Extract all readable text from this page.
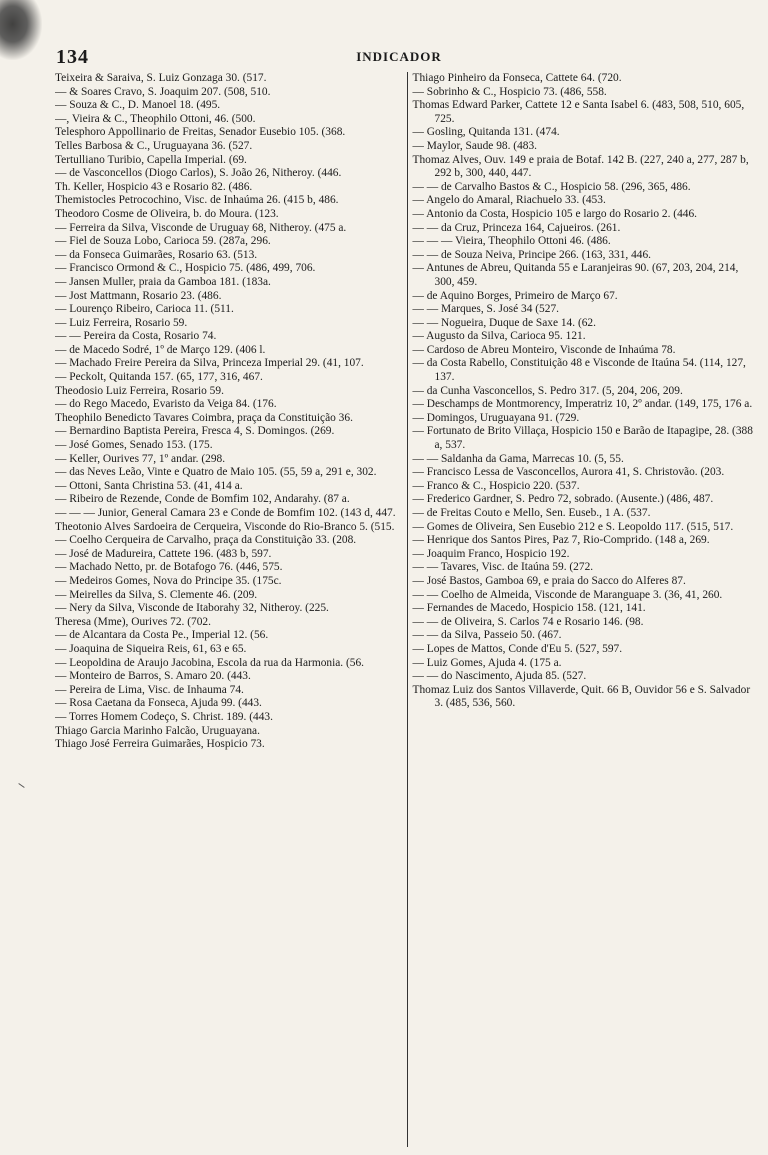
134	INDICADOR
Teixeira & Saraiva, S. Luiz Gonzaga 30. (517.
— & Soares Cravo, S. Joaquim 207. (508, 510.
— Souza & C., D. Manoel 18. (495.
—, Vieira & C., Theophilo Ottoni, 46. (500.
Telesphoro Appollinario de Freitas, Senador Eusebio 105. (368.
Telles Barbosa & C., Uruguayana 36. (527.
Tertulliano Turibio, Capella Imperial. (69.
— de Vasconcellos (Diogo Carlos), S. João 26, Nitheroy. (446.
Th. Keller, Hospicio 43 e Rosario 82. (486.
Themistocles Petrocochino, Visc. de Inhaúma 26. (415 b, 486.
Theodoro Cosme de Oliveira, b. do Moura. (123.
— Ferreira da Silva, Visconde de Uruguay 68, Nitheroy. (475 a.
— Fiel de Souza Lobo, Carioca 59. (287a, 296.
— da Fonseca Guimarães, Rosario 63. (513.
— Francisco Ormond & C., Hospicio 75. (486, 499, 706.
— Jansen Muller, praia da Gamboa 181. (183a.
— Jost Mattmann, Rosario 23. (486.
— Lourenço Ribeiro, Carioca 11. (511.
— Luiz Ferreira, Rosario 59.
— — Pereira da Costa, Rosario 74.
— de Macedo Sodré, 1º de Março 129. (406 l.
— Machado Freire Pereira da Silva, Princeza Imperial 29. (41, 107.
— Peckolt, Quitanda 157. (65, 177, 316, 467.
Theodosio Luiz Ferreira, Rosario 59.
— do Rego Macedo, Evaristo da Veiga 84. (176.
Theophilo Benedicto Tavares Coimbra, praça da Constituição 36.
— Bernardino Baptista Pereira, Fresca 4, S. Domingos. (269.
— José Gomes, Senado 153. (175.
— Keller, Ourives 77, 1º andar. (298.
— das Neves Leão, Vinte e Quatro de Maio 105. (55, 59 a, 291 e, 302.
— Ottoni, Santa Christina 53. (41, 414 a.
— Ribeiro de Rezende, Conde de Bomfim 102, Andarahy. (87 a.
— — — Junior, General Camara 23 e Conde de Bomfim 102. (143 d, 447.
Theotonio Alves Sardoeira de Cerqueira, Visconde do Rio-Branco 5. (515.
— Coelho Cerqueira de Carvalho, praça da Constituição 33. (208.
— José de Madureira, Cattete 196. (483 b, 597.
— Machado Netto, pr. de Botafogo 76. (446, 575.
— Medeiros Gomes, Nova do Principe 35. (175c.
— Meirelles da Silva, S. Clemente 46. (209.
— Nery da Silva, Visconde de Itaborahy 32, Nitheroy. (225.
Theresa (Mme), Ourives 72. (702.
— de Alcantara da Costa Pe., Imperial 12. (56.
— Joaquina de Siqueira Reis, 61, 63 e 65.
— Leopoldina de Araujo Jacobina, Escola da rua da Harmonia. (56.
— Monteiro de Barros, S. Amaro 20. (443.
— Pereira de Lima, Visc. de Inhauma 74.
— Rosa Caetana da Fonseca, Ajuda 99. (443.
— Torres Homem Codeço, S. Christ. 189. (443.
Thiago Garcia Marinho Falcão, Uruguayana.
Thiago José Ferreira Guimarães, Hospicio 73.
Thiago Pinheiro da Fonseca, Cattete 64. (720.
— Sobrinho & C., Hospicio 73. (486, 558.
Thomas Edward Parker, Cattete 12 e Santa Isabel 6. (483, 508, 510, 605, 725.
— Gosling, Quitanda 131. (474.
— Maylor, Saude 98. (483.
Thomaz Alves, Ouv. 149 e praia de Botaf. 142 B. (227, 240 a, 277, 287 b, 292 b, 300, 440, 447.
— — de Carvalho Bastos & C., Hospicio 58. (296, 365, 486.
— Angelo do Amaral, Riachuelo 33. (453.
— Antonio da Costa, Hospicio 105 e largo do Rosario 2. (446.
— — da Cruz, Princeza 164, Cajueiros. (261.
— — — Vieira, Theophilo Ottoni 46. (486.
— — de Souza Neiva, Principe 266. (163, 331, 446.
— Antunes de Abreu, Quitanda 55 e Laranjeiras 90. (67, 203, 204, 214, 300, 459.
— de Aquino Borges, Primeiro de Março 67.
— — Marques, S. José 34 (527.
— — Nogueira, Duque de Saxe 14. (62.
— Augusto da Silva, Carioca 95. 121.
— Cardoso de Abreu Monteiro, Visconde de Inhaúma 78.
— da Costa Rabello, Constituição 48 e Visconde de Itaúna 54. (114, 127, 137.
— da Cunha Vasconcellos, S. Pedro 317. (5, 204, 206, 209.
— Deschamps de Montmorency, Imperatriz 10, 2º andar. (149, 175, 176 a.
— Domingos, Uruguayana 91. (729.
— Fortunato de Brito Villaça, Hospicio 150 e Barão de Itapagipe, 28. (388 a, 537.
— — Saldanha da Gama, Marrecas 10. (5, 55.
— Francisco Lessa de Vasconcellos, Aurora 41, S. Christovão. (203.
— Franco & C., Hospicio 220. (537.
— Frederico Gardner, S. Pedro 72, sobrado. (Ausente.) (486, 487.
— de Freitas Couto e Mello, Sen. Euseb., 1 A. (537.
— Gomes de Oliveira, Sen Eusebio 212 e S. Leopoldo 117. (515, 517.
— Henrique dos Santos Pires, Paz 7, Rio-Comprido. (148 a, 269.
— Joaquim Franco, Hospicio 192.
— — Tavares, Visc. de Itaúna 59. (272.
— José Bastos, Gamboa 69, e praia do Sacco do Alferes 87.
— — Coelho de Almeida, Visconde de Maranguape 3. (36, 41, 260.
— Fernandes de Macedo, Hospicio 158. (121, 141.
— — de Oliveira, S. Carlos 74 e Rosario 146. (98.
— — da Silva, Passeio 50. (467.
— Lopes de Mattos, Conde d'Eu 5. (527, 597.
— Luiz Gomes, Ajuda 4. (175 a.
— — do Nascimento, Ajuda 85. (527.
Thomaz Luiz dos Santos Villaverde, Quit. 66 B, Ouvidor 56 e S. Salvador 3. (485, 536, 560.
